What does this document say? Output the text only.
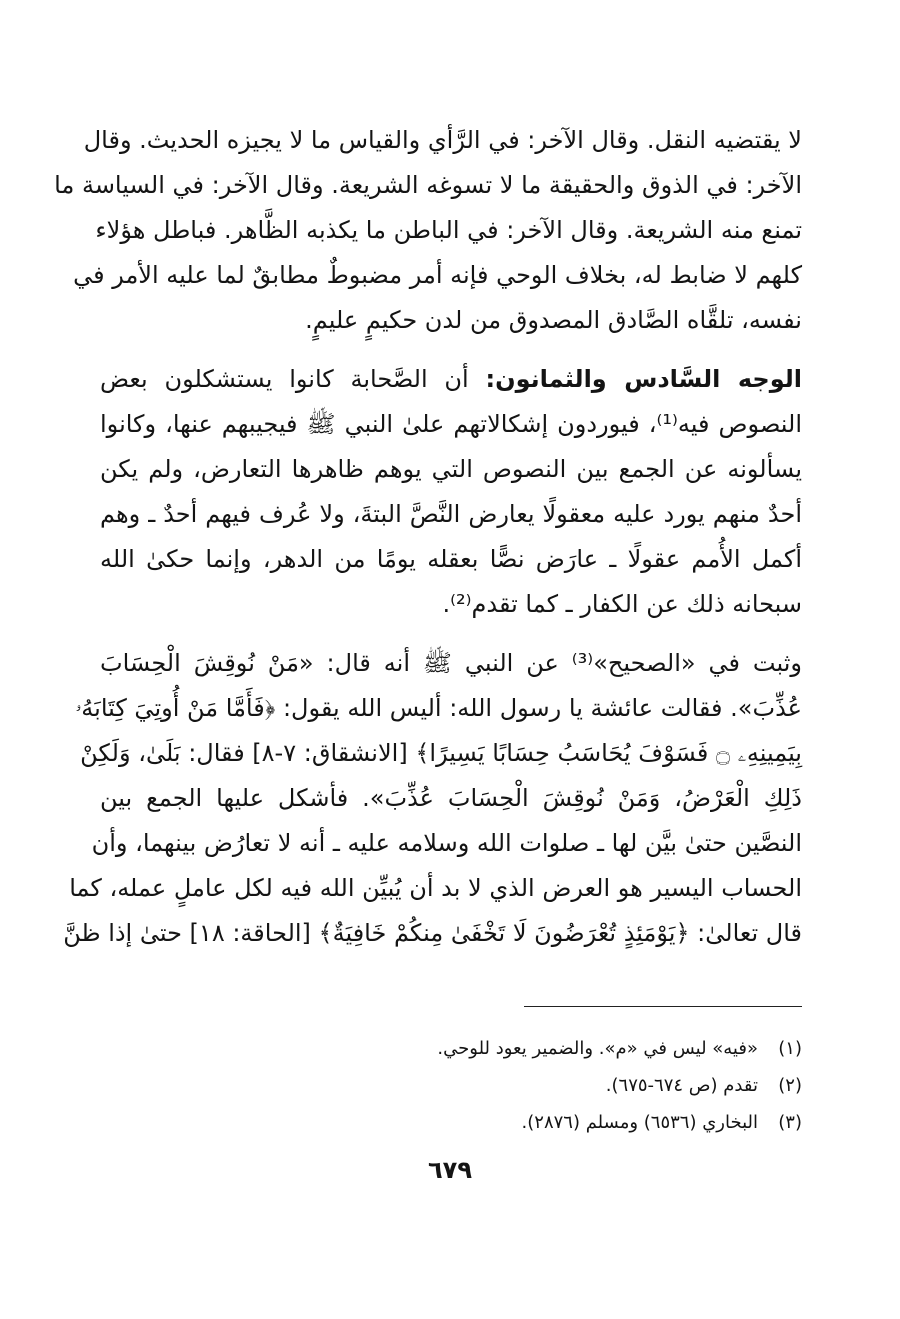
لا يقتضيه النقل. وقال الآخر: في الرَّأي والقياس ما لا يجيزه الحديث. وقال
الآخر: في الذوق والحقيقة ما لا تسوغه الشريعة. وقال الآخر: في السياسة ما
تمنع منه الشريعة. وقال الآخر: في الباطن ما يكذبه الظَّاهر. فباطل هؤلاء
كلهم لا ضابط له، بخلاف الوحي فإنه أمر مضبوطٌ مطابقٌ لما عليه الأمر في
نفسه، تلقَّاه الصَّادق المصدوق من لدن حكيمٍ عليمٍ.
الوجه السَّادس والثمانون: أن الصَّحابة كانوا يستشكلون بعض
النصوص فيه⁽¹⁾، فيوردون إشكالاتهم علىٰ النبي ﷺ فيجيبهم عنها، وكانوا
يسألونه عن الجمع بين النصوص التي يوهم ظاهرها التعارض، ولم يكن
أحدٌ منهم يورد عليه معقولًا يعارض النَّصَّ البتةَ، ولا عُرف فيهم أحدٌ ـ وهم
أكمل الأُمم عقولًا ـ عارَض نصًّا بعقله يومًا من الدهر، وإنما حكىٰ الله
سبحانه ذلك عن الكفار ـ كما تقدم⁽²⁾.
وثبت في «الصحيح»⁽³⁾ عن النبي ﷺ أنه قال: «مَنْ نُوقِشَ الْحِسَابَ
عُذِّبَ». فقالت عائشة يا رسول الله: أليس الله يقول: ﴿فَأَمَّا مَنْ أُوتِيَ كِتَابَهُۥ
بِيَمِينِهِۦ ۝ فَسَوْفَ يُحَاسَبُ حِسَابًا يَسِيرًا﴾ [الانشقاق: ٧-٨] فقال: بَلَىٰ، وَلَكِنْ
ذَلِكِ الْعَرْضُ، وَمَنْ نُوقِشَ الْحِسَابَ عُذِّبَ». فأشكل عليها الجمع بين
النصَّين حتىٰ بيَّن لها ـ صلوات الله وسلامه عليه ـ أنه لا تعارُض بينهما، وأن
الحساب اليسير هو العرض الذي لا بد أن يُبيِّن الله فيه لكل عاملٍ عمله، كما
قال تعالىٰ: ﴿يَوْمَئِذٍ تُعْرَضُونَ لَا تَخْفَىٰ مِنكُمْ خَافِيَةٌ﴾ [الحاقة: ١٨] حتىٰ إذا ظنَّ
(١)«فيه» ليس في «م». والضمير يعود للوحي.
(٢)تقدم (ص ٦٧٤-٦٧٥).
(٣)البخاري (٦٥٣٦) ومسلم (٢٨٧٦).
٦٧٩
